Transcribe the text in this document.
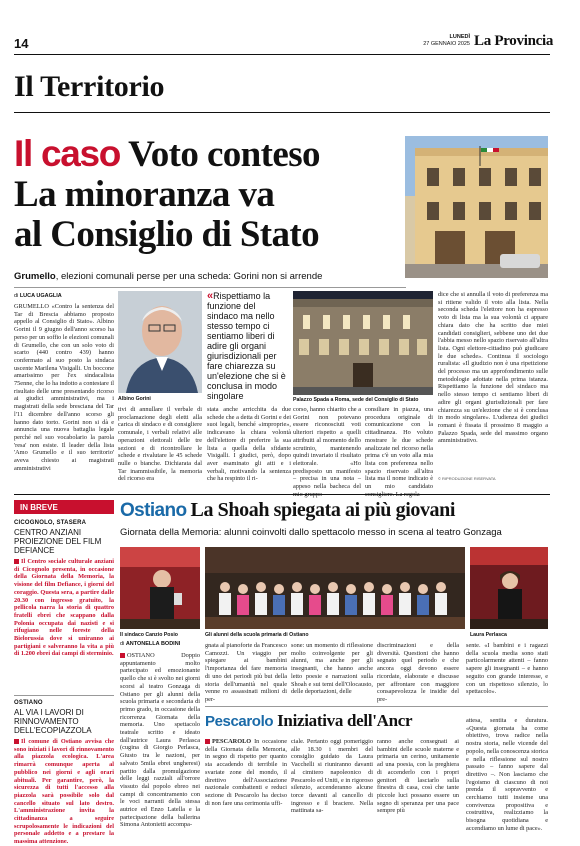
14	LUNEDÌ
27 GENNAIO 2025 La Provincia
Il Territorio
Il caso Voto conteso
La minoranza va
al Consiglio di Stato
Grumello, elezioni comunali perse per una scheda: Gorini non si arrende
di LUCA UGAGLIA
GRUMELLO «Contro la sentenza del Tar di Brescia abbiamo proposto appello al Consiglio di Stato». Albino Gorini il 9 giugno dell'anno scorso ha perso per un soffio le elezioni comunali di Grumello, che con un solo voto di scarto (440 contro 439) hanno confermato al suo posto la sindaca uscente Marilena Visigalli. Un boccone amarissimo per l'ex sindacalista 75enne, che lo ha indotto a contestare il risultato delle urne presentando ricorso ai giudici amministrativi, ma i magistrati della sede bresciana del Tar l'11 dicembre dell'anno scorso gli hanno dato torto. Gorini non si dà e annuncia una nuova battaglia legale perché nel suo vocabolario la parola 'resa' non esiste. Il leader della lista 'Amo Grumello e il suo territorio' aveva chiesto ai magistrati amministrativi
Albino Gorini
tivi di annullare il verbale di proclamazione degli eletti alla carica di sindaco e di consigliere comunale, i verbali relativi alle operazioni elettorali delle tre sezioni e di ricontrollare le schede e rivalutare le 45 schede nulle o bianche. Dichiarata dal Tar inammissibile, la memoria del ricorso era
«Rispettiamo la funzione del sindaco ma nello stesso tempo ci sentiamo liberi di adire gli organi giurisdizionali per fare chiarezza su un'elezione che si è conclusa in modo singolare
stata anche arricchita da due schede che a detta di Gorini e dei suoi legali, benché «improprie», indicavano la chiara volontà dell'elettore di preferire la sua lista a quella della sfidante Visigalli. I giudici, però, dopo aver esaminato gli atti e i verbali, motivando la sentenza che ha respinto il ri-
Palazzo Spada a Roma, sede del Consiglio di Stato
corso, hanno chiarito che a Gorini non potevano essere riconosciuti voti ulteriori rispetto a quelli attribuiti al momento dello scrutinio, mantenendo quindi invariato il risultato elettorale. «Ho predisposto un manifesto – precisa in una nota – appeso nella bacheca del
consiliare in piazza, una procedura originale di comunicazione con la cittadinanza. Ho voluto mostrare le due schede analizzate nel ricorso nella prima c'è un voto alla mia lista con preferenza nello spazio riservato all'altra lista ma il nome indicato è un mio candidato
dice che si annulla il voto di preferenza ma si ritiene valido il voto alla lista. Nella seconda scheda l'elettore non ha espresso voto di lista ma la sua volontà ci appare chiara dato che ha scritto due miei candidati consiglieri, sebbene uno dei due l'abbia messo nello spazio riservato all'altra lista. Ogni elettore-cittadino può giudicare le due schede». Continua il sociologo ruralista: «Il giudizio non è una ripetizione del processo ma un approfondimento sulle metodologie adottate nella prima istanza. Rispettiamo la funzione del sindaco ma nello stesso tempo ci sentiamo liberi di adire gli organi giurisdizionali per fare chiarezza su un'elezione che si è conclusa in modo singolare». L'udienza dei giudici romani è fissata il prossimo 8 maggio a Palazzo Spada, sede del massimo organo amministrativo.
© RIPRODUZIONE RISERVATA
IN BREVE
CICOGNOLO, STASERA
CENTRO ANZIANI PROIEZIONE DEL FILM DEFIANCE
Il Centro sociale culturale anziani di Cicognolo presenta, in occasione della Giornata della Memoria, la visione del film Defiance, i giorni del coraggio. Questa sera, a partire dalle 20.30 con ingresso gratuito, la pellicola narra la storia di quattro fratelli ebrei che scappano dalla Polonia occupata dai nazisti e si rifugiano nelle foreste della Bielorussia dove si uniranno ai partigiani e salveranno la vita a più di 1.200 ebrei dai campi di sterminio.
OSTIANO
AL VIA I LAVORI DI RINNOVAMENTO DELL'ECOPIAZZOLA
Il comune di Ostiano avvisa che sono iniziati i lavori di rinnovamento alla piazzola ecologica. L'area rimarrà comunque aperta al pubblico nei giorni e agli orari abituali. Per garantire, però, la sicurezza di tutti l'accesso alla piazzola sarà possibile solo dal cancello situato sul lato destro. L'amministrazione invita la cittadinanza a seguire scrupolosamente le indicazioni del personale addetto e a prestare la massima attenzione.
Ostiano La Shoah spiegata ai più giovani
Giornata della Memoria: alunni coinvolti dallo spettacolo messo in scena al teatro Gonzaga
Il sindaco Canzio Posio	Gli alunni della scuola primaria di Ostiano	Laura Perlasca
di ANTONELLA BODINI
OSTIANO Doppio appuntamento molto partecipato ed emozionante quello che si è svolto nei giorni scorsi al teatro Gonzaga di Ostiano per gli alunni della scuola primaria e secondaria di primo grado, in occasione della ricorrenza Giornata della memoria. Uno spettacolo teatrale scritto e ideato dall'autrice Laura Perlasca (cugina di Giorgio Perlasca, Giusto tra le nazioni, per salvato 5mila ebrei ungheresi) partito dalla promulgazione delle leggi razziali all'orrore vissuto dal popolo ebreo nei campi di concentramento con le voci narranti della stessa autrice ed Enzo Latella e la partecipazione della ballerina Simona Antonietti accompa-
gnata al pianoforte da Francesco Camozzi. Un viaggio per spiegare ai bambini l'importanza del fare memoria di uno dei periodi più bui della storia dell'umanità nel quale venne ro assassinati milioni di per-
sone: un momento di riflessione molto coinvolgente per gli alunni, ma anche per gli insegnanti, che hanno anche letto poesie e narrazioni sulla Shoah e sui temi dell'Olocausto, delle deportazioni, delle
discriminazioni e della diversità. Questioni che hanno segnato quel periodo e che ancora oggi devono essere ricordate, elaborate e discusse per affrontare con maggiore consapevolezza le insidie del pre-
sente. «I bambini e i ragazzi della scuola media sono stati particolarmente attenti – fanno sapere gli insegnanti – e hanno seguito con grande interesse, e con un rispettoso silenzio, lo spettacolo».
Pescarolo Iniziativa dell'Ancr
PESCAROLO In occasione della Giornata della Memoria, in segno di rispetto per quanto sta accadendo di terribile in svariate zone del mondo, il direttivo dell'Associazione nazionale combattenti e reduci sezione di Pescarolo ha deciso di non fare una cerimonia uffi-
ciale. Pertanto oggi pomeriggio alle 18.30 i membri del consiglio guidato da Laura Vacchelli si riuniranno davanti al cimitero napoleonico di Pescarolo ed Uniti, e in rigoroso silenzio, accenderanno alcune torce davanti al cancello di ingresso e il braciere. Nella mattinata sa-
ranno anche consegnati ai bambini delle scuole materne e primaria un cerino, unitamente ad una poesia, con la preghiera di accenderlo con i propri genitori di lasciarlo sulla finestra di casa, così che tante piccole luci possano essere un segno di speranza per una pace sempre più
attesa, sentita e duratura. «Questa giornata ha come obiettivo, trova radice nella nostra storia, nelle vicende del popolo, nella conoscenza storica e nella riflessione sul nostro passato – fanno sapere dal direttivo –. Non lasciamo che l'egoismo di ciascuno di noi prenda il sopravvento e cerchiamo tutti insieme una convivenza propositiva e costruttiva, realizziamo la bisogna quotidiana e accendiamo un lume di pace».
